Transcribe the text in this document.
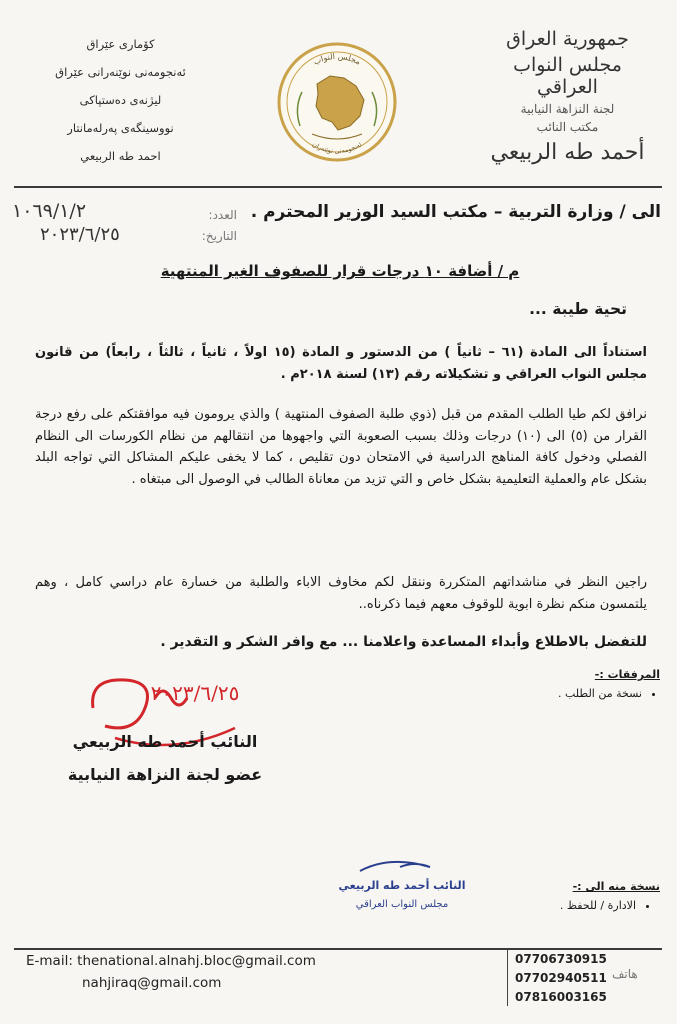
جمهورية العراق
مجلس النواب العراقي
لجنة النزاهة النيابية
مكتب النائب
أحمد طه الربيعي
مجلس النواب
ئەنجومەنی نوێنەران
کۆماری عێراق
ئەنجومەنی نوێنەرانی عێراق
لیژنەی دەستپاکی
نووسینگەی پەرلەمانتار
احمد طه الربيعي
العدد:
التاريخ:
١٠٦٩/١/٢
٢٠٢٣/٦/٢٥
الى / وزارة التربية – مكتب السيد الوزير المحترم .
م / أضافة ١٠ درجات قرار للصفوف الغير المنتهية
تحية طيبة ...
استناداً الى المادة (٦١ – ثانياً ) من الدستور و المادة (١٥ اولاً ، ثانياً ، ثالثاً ، رابعاً) من قانون مجلس النواب العراقي و تشكيلاته رقم (١٣) لسنة ٢٠١٨م .
نرافق لكم طيا الطلب المقدم من قبل (ذوي طلبة الصفوف المنتهية ) والذي يرومون فيه موافقتكم على رفع درجة القرار من (٥) الى (١٠) درجات وذلك بسبب الصعوبة التي واجهوها من انتقالهم من نظام الكورسات الى النظام الفصلي ودخول كافة المناهج الدراسية في الامتحان دون تقليص ، كما لا يخفى عليكم المشاكل التي تواجه البلد بشكل عام والعملية التعليمية بشكل خاص و التي تزيد من معاناة الطالب في الوصول الى مبتغاه .
راجين النظر في مناشداتهم المتكررة وننقل لكم مخاوف الاباء والطلبة من خسارة عام دراسي كامل ، وهم يلتمسون منكم نظرة ابوية للوقوف معهم فيما ذكرناه..
للتفضل بالاطلاع وأبداء المساعدة واعلامنا ... مع وافر الشكر و التقدير .
المرفقات :-
• نسخة من الطلب .
٢٠٢٣/٦/٢٥
النائب أحمد طه الربيعي
عضو لجنة النزاهة النيابية
النائب أحمد طه الربيعي
مجلس النواب العراقي
نسخة منه الى :-
• الادارة / للحفظ .
E-mail: thenational.alnahj.bloc@gmail.com
nahjiraq@gmail.com
07706730915
07702940511
07816003165
هاتف
